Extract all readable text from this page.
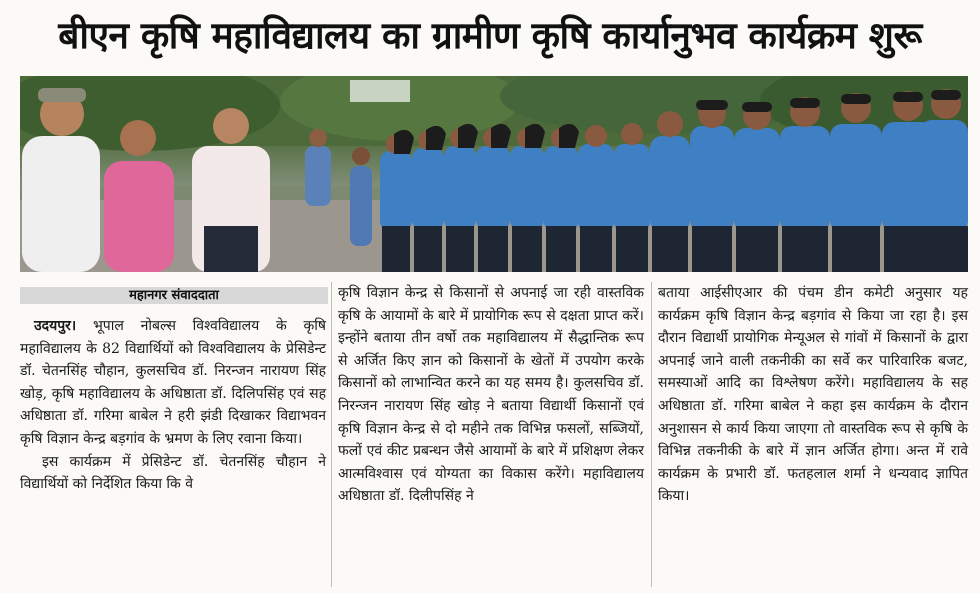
बीएन कृषि महाविद्यालय का ग्रामीण कृषि कार्यानुभव कार्यक्रम शुरू
महानगर संवाददाता

उदयपुर। भूपाल नोबल्स विश्वविद्यालय के कृषि महाविद्यालय के 82 विद्यार्थियों को विश्वविद्यालय के प्रेसिडेन्ट डॉ. चेतनसिंह चौहान, कुलसचिव डॉ. निरन्जन नारायण सिंह खोड़, कृषि महाविद्यालय के अधिष्ठाता डॉ. दिलिपसिंह एवं सह अधिष्ठाता डॉ. गरिमा बाबेल ने हरी झंडी दिखाकर विद्याभवन कृषि विज्ञान केन्द्र बड़गांव के भ्रमण के लिए रवाना किया।

इस कार्यक्रम में प्रेसिडेन्ट डॉ. चेतनसिंह चौहान ने विद्यार्थियों को निर्देशित किया कि वे

कृषि विज्ञान केन्द्र से किसानों से अपनाई जा रही वास्तविक कृषि के आयामों के बारे में प्रायोगिक रूप से दक्षता प्राप्त करें। इन्होंने बताया तीन वर्षो तक महाविद्यालय में सैद्धान्तिक रूप से अर्जित किए ज्ञान को किसानों के खेतों में उपयोग करके किसानों को लाभान्वित करने का यह समय है। कुलसचिव डॉ. निरन्जन नारायण सिंह खोड़ ने बताया विद्यार्थी किसानों एवं कृषि विज्ञान केन्द्र से दो महीने तक विभिन्न फसलों, सब्जियों, फलों एवं कीट प्रबन्धन जैसे आयामों के बारे में प्रशिक्षण लेकर आत्मविश्वास एवं योग्यता का विकास करेंगे। महाविद्यालय अधिष्ठाता डॉ. दिलीपसिंह ने

बताया आईसीएआर की पंचम डीन कमेटी अनुसार यह कार्यक्रम कृषि विज्ञान केन्द्र बड़गांव से किया जा रहा है। इस दौरान विद्यार्थी प्रायोगिक मेन्यूअल से गांवों में किसानों के द्वारा अपनाई जाने वाली तकनीकी का सर्वे कर पारिवारिक बजट, समस्याओं आदि का विश्लेषण करेंगे। महाविद्यालय के सह अधिष्ठाता डॉ. गरिमा बाबेल ने कहा इस कार्यक्रम के दौरान अनुशासन से कार्य किया जाएगा तो वास्तविक रूप से कृषि के विभिन्न तकनीकी के बारे में ज्ञान अर्जित होगा। अन्त में रावे कार्यक्रम के प्रभारी डॉ. फतहलाल शर्मा ने धन्यवाद ज्ञापित किया।
